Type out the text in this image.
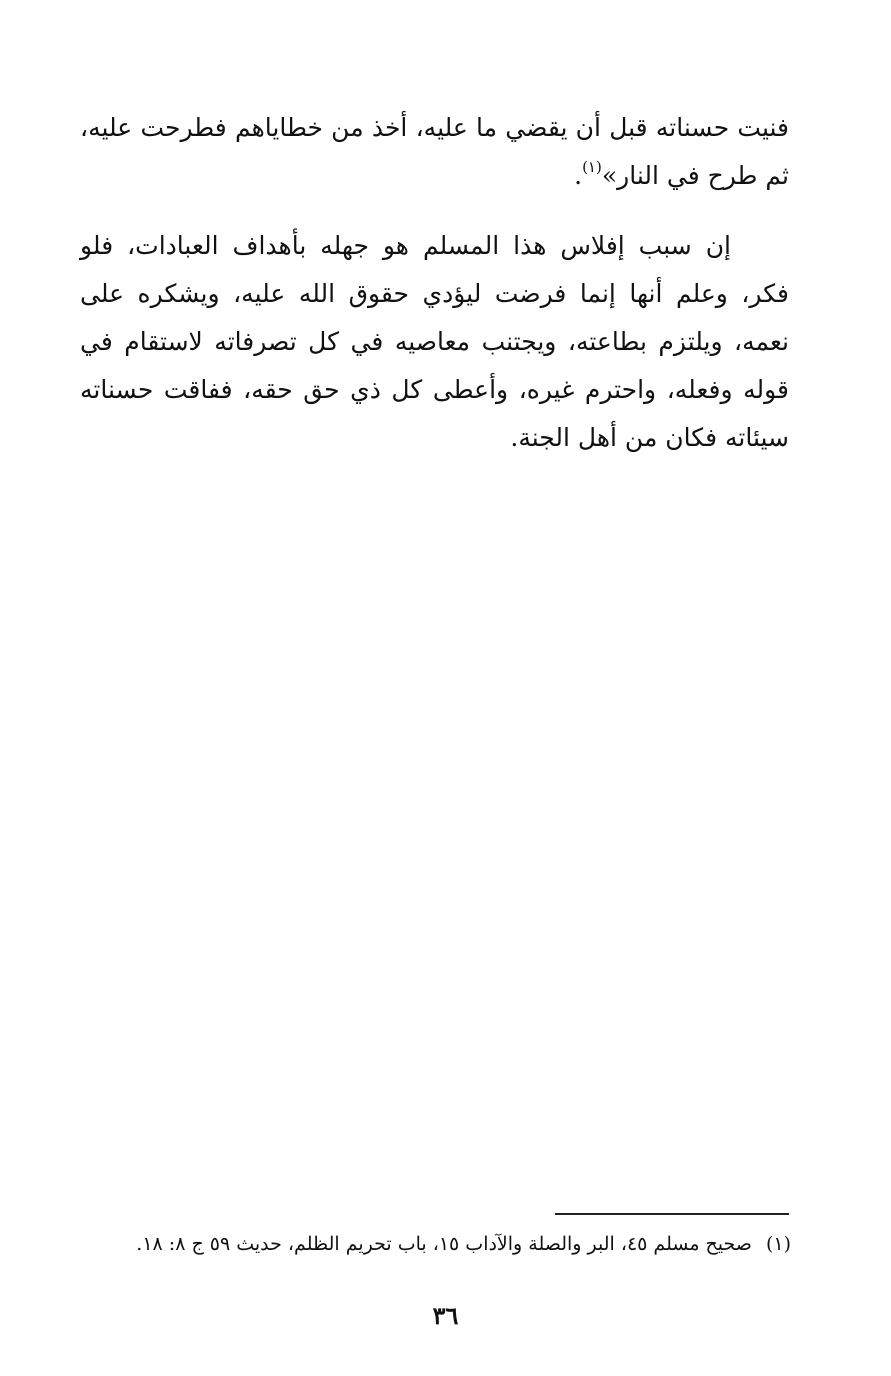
فنيت حسناته قبل أن يقضي ما عليه، أخذ من خطاياهم فطرحت عليه، ثم طرح في النار»$^{(١)}$.

إن سبب إفلاس هذا المسلم هو جهله بأهداف العبادات، فلو فكر، وعلم أنها إنما فرضت ليؤدي حقوق الله عليه، ويشكره على نعمه، ويلتزم بطاعته، ويجتنب معاصيه في كل تصرفاته لاستقام في قوله وفعله، واحترم غيره، وأعطى كل ذي حق حقه، ففاقت حسناته سيئاته فكان من أهل الجنة.

(١)صحيح مسلم ٤٥، البر والصلة والآداب ١٥، باب تحريم الظلم، حديث ٥٩ ج ٨: ١٨.
٣٦
